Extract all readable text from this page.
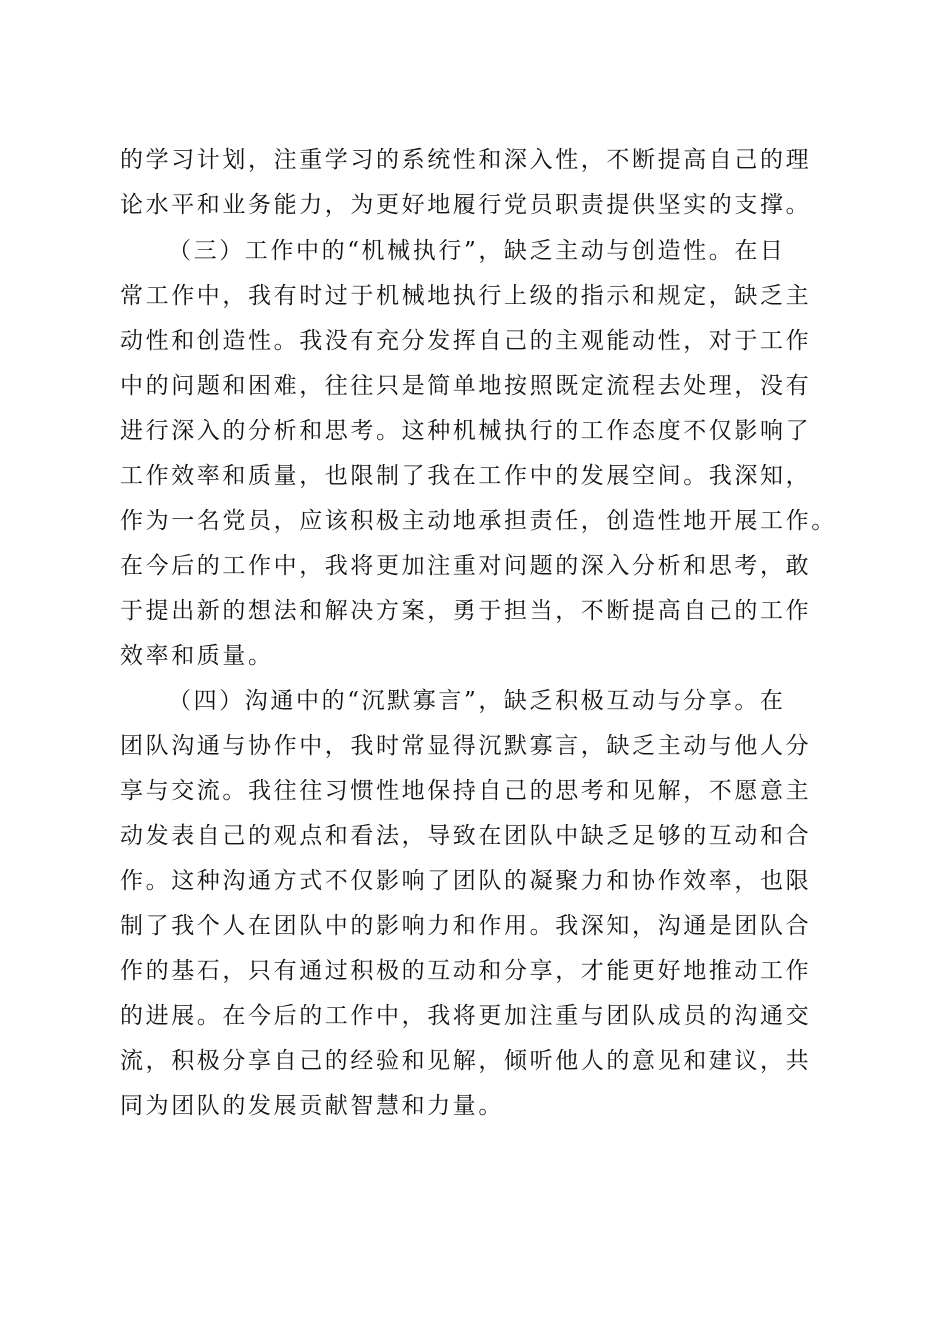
的学习计划，注重学习的系统性和深入性，不断提高自己的理
论水平和业务能力，为更好地履行党员职责提供坚实的支撑。
（三）工作中的“机械执行”，缺乏主动与创造性。在日
常工作中，我有时过于机械地执行上级的指示和规定，缺乏主
动性和创造性。我没有充分发挥自己的主观能动性，对于工作
中的问题和困难，往往只是简单地按照既定流程去处理，没有
进行深入的分析和思考。这种机械执行的工作态度不仅影响了
工作效率和质量，也限制了我在工作中的发展空间。我深知，
作为一名党员，应该积极主动地承担责任，创造性地开展工作。
在今后的工作中，我将更加注重对问题的深入分析和思考，敢
于提出新的想法和解决方案，勇于担当，不断提高自己的工作
效率和质量。
（四）沟通中的“沉默寡言”，缺乏积极互动与分享。在
团队沟通与协作中，我时常显得沉默寡言，缺乏主动与他人分
享与交流。我往往习惯性地保持自己的思考和见解，不愿意主
动发表自己的观点和看法，导致在团队中缺乏足够的互动和合
作。这种沟通方式不仅影响了团队的凝聚力和协作效率，也限
制了我个人在团队中的影响力和作用。我深知，沟通是团队合
作的基石，只有通过积极的互动和分享，才能更好地推动工作
的进展。在今后的工作中，我将更加注重与团队成员的沟通交
流，积极分享自己的经验和见解，倾听他人的意见和建议，共
同为团队的发展贡献智慧和力量。
